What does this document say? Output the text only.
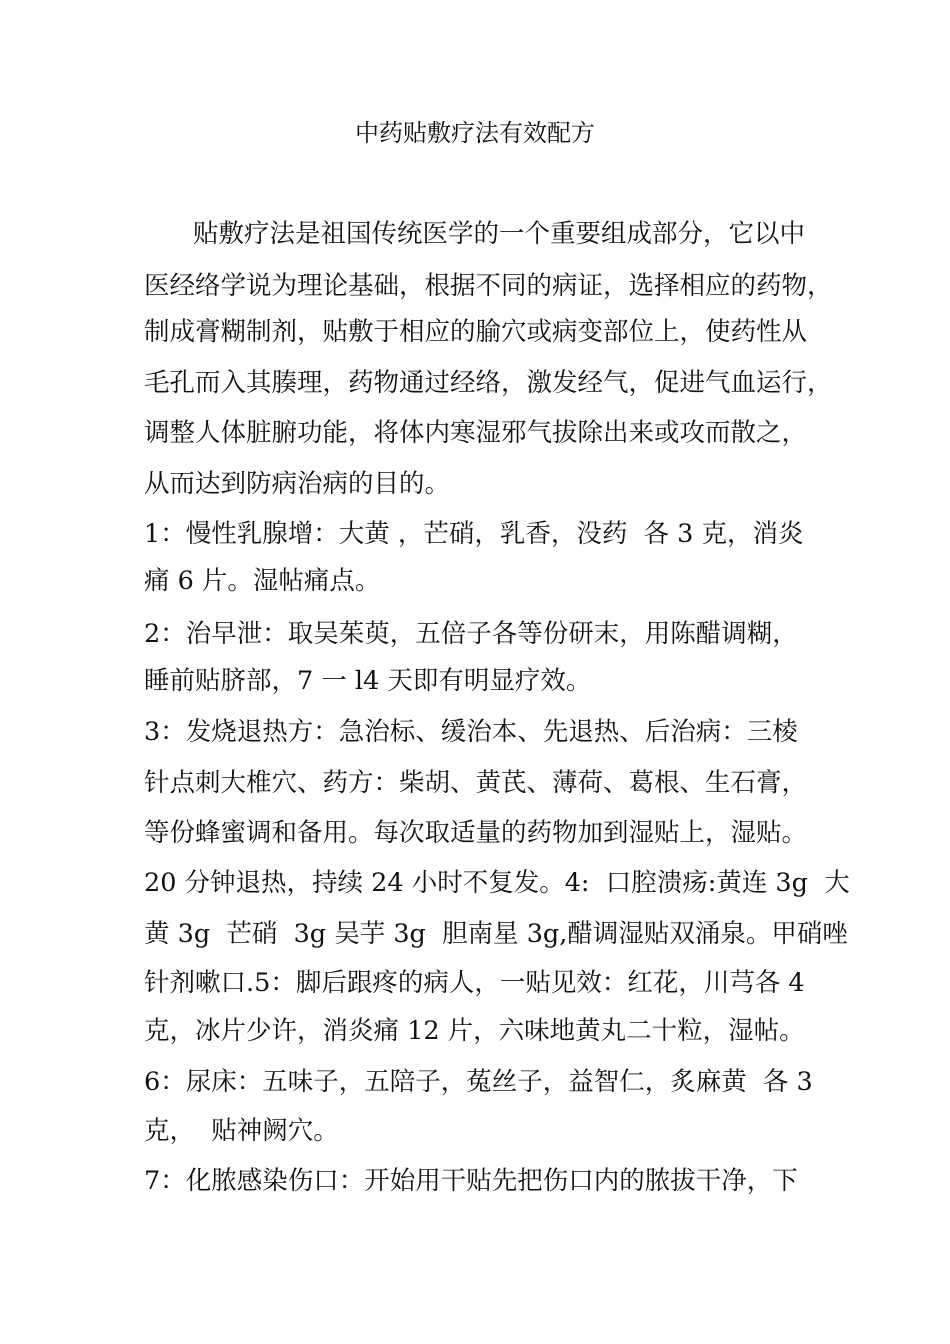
中药贴敷疗法有效配方
贴敷疗法是祖国传统医学的一个重要组成部分，它以中
医经络学说为理论基础，根据不同的病证，选择相应的药物，
制成膏糊制剂，贴敷于相应的腧穴或病变部位上，使药性从
毛孔而入其腠理，药物通过经络，激发经气，促进气血运行，
调整人体脏腑功能，将体内寒湿邪气拔除出来或攻而散之，
从而达到防病治病的目的。
1：慢性乳腺增：大黄 ，芒硝，乳香，没药  各 3 克，消炎
痛 6 片。湿帖痛点。
2：治早泄：取吴茱萸，五倍子各等份研末，用陈醋调糊，
睡前贴脐部，7 一 l4 天即有明显疗效。
3：发烧退热方：急治标、缓治本、先退热、后治病：三棱
针点刺大椎穴、药方：柴胡、黄芪、薄荷、葛根、生石膏，
等份蜂蜜调和备用。每次取适量的药物加到湿贴上，湿贴。
20 分钟退热，持续 24 小时不复发。4:  口腔溃疡:黄连 3g  大
黄 3g  芒硝  3g 吴芋 3g  胆南星 3g,醋调湿贴双涌泉。甲硝唑
针剂嗽口.5：脚后跟疼的病人，一贴见效：红花，川芎各 4
克，冰片少许，消炎痛 12 片，六味地黄丸二十粒，湿帖。
6：尿床：五味子，五陪子，菟丝子，益智仁，炙麻黄  各 3
克，  贴神阙穴。
7：化脓感染伤口：开始用干贴先把伤口内的脓拔干净，下
